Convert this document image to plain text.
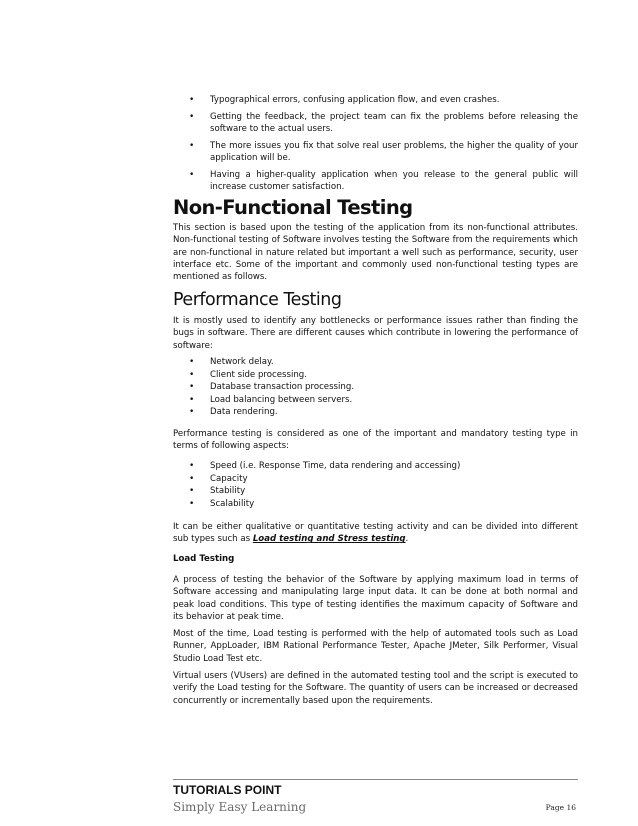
• Typographical errors, confusing application flow, and even crashes.
• Getting the feedback, the project team can fix the problems before releasing the software to the actual users.
• The more issues you fix that solve real user problems, the higher the quality of your application will be.
• Having a higher-quality application when you release to the general public will increase customer satisfaction.
Non-Functional Testing

This section is based upon the testing of the application from its non-functional attributes. Non-functional testing of Software involves testing the Software from the requirements which are non-functional in nature related but important a well such as performance, security, user interface etc. Some of the important and commonly used non-functional testing types are mentioned as follows.

Performance Testing

It is mostly used to identify any bottlenecks or performance issues rather than finding the bugs in software. There are different causes which contribute in lowering the performance of software:

• Network delay.
• Client side processing.
• Database transaction processing.
• Load balancing between servers.
• Data rendering.

Performance testing is considered as one of the important and mandatory testing type in terms of following aspects:

• Speed (i.e. Response Time, data rendering and accessing)
• Capacity
• Stability
• Scalability

It can be either qualitative or quantitative testing activity and can be divided into different sub types such as Load testing and Stress testing.

Load Testing

A process of testing the behavior of the Software by applying maximum load in terms of Software accessing and manipulating large input data. It can be done at both normal and peak load conditions. This type of testing identifies the maximum capacity of Software and its behavior at peak time.

Most of the time, Load testing is performed with the help of automated tools such as Load Runner, AppLoader, IBM Rational Performance Tester, Apache JMeter, Silk Performer, Visual Studio Load Test etc.

Virtual users (VUsers) are defined in the automated testing tool and the script is executed to verify the Load testing for the Software. The quantity of users can be increased or decreased concurrently or incrementally based upon the requirements.

TUTORIALS POINT
Simply Easy Learning	Page 16
